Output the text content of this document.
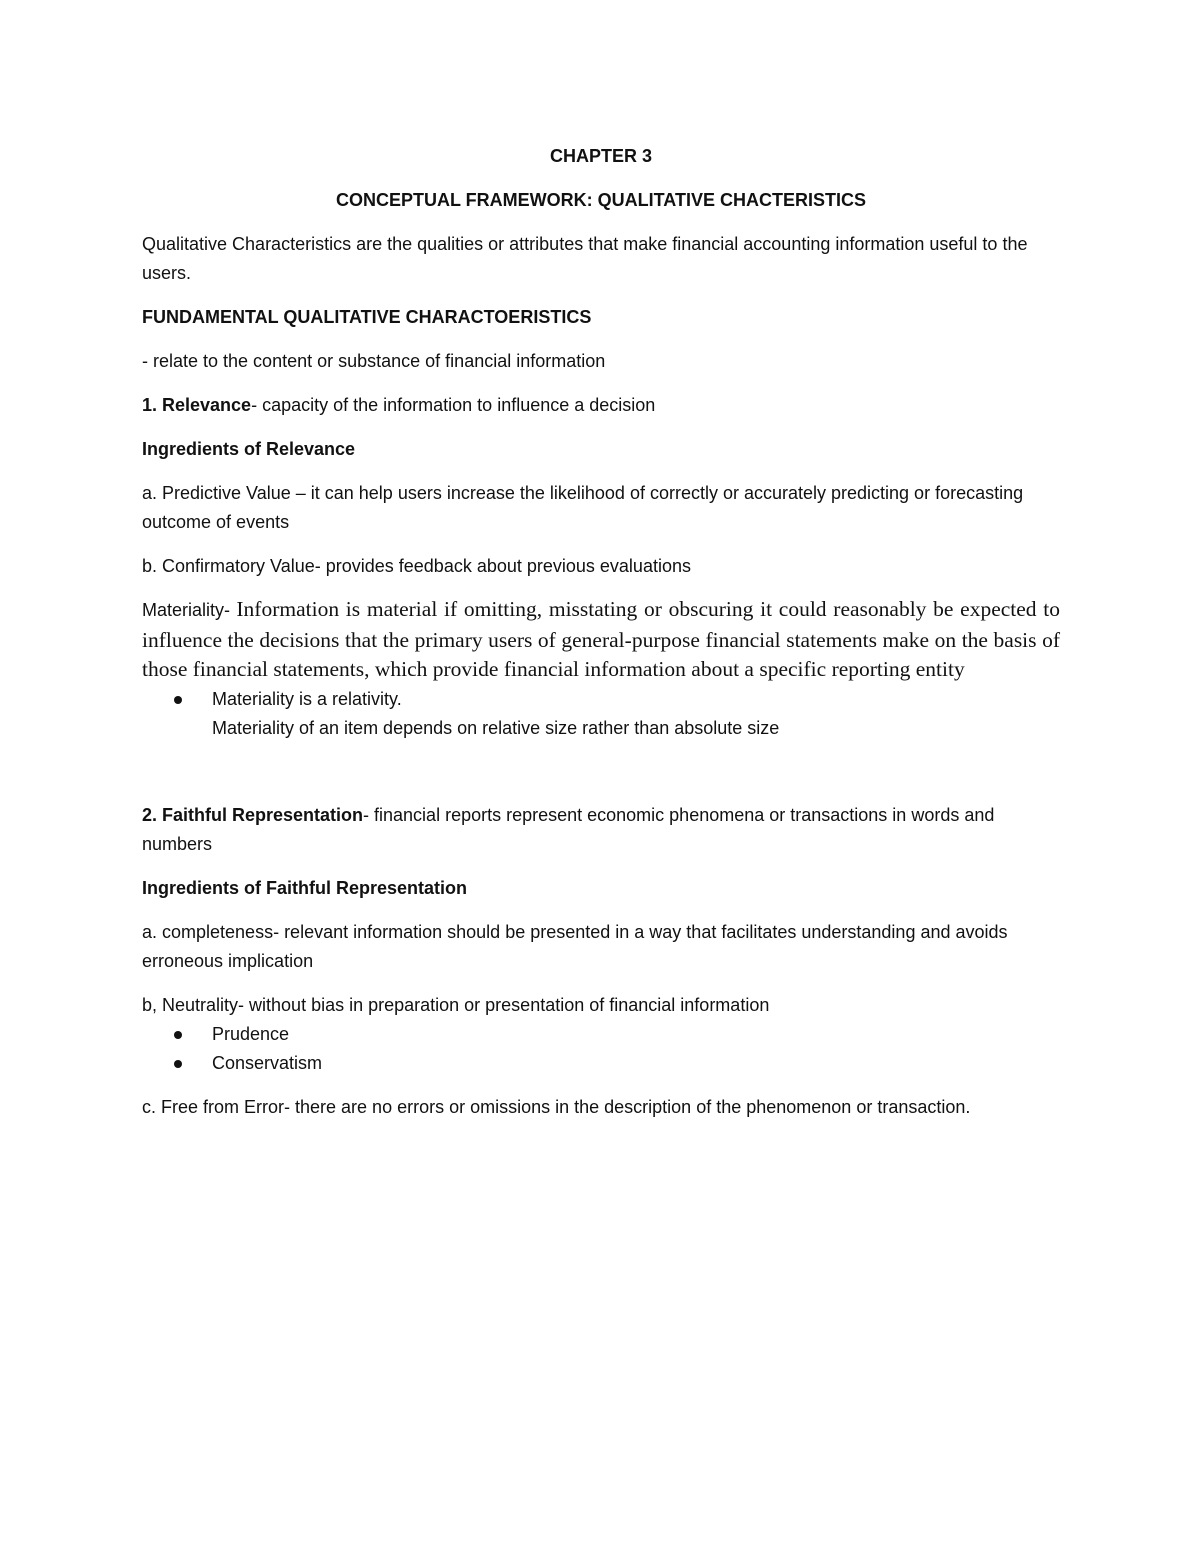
CHAPTER 3

CONCEPTUAL FRAMEWORK: QUALITATIVE CHACTERISTICS

Qualitative Characteristics are the qualities or attributes that make financial accounting information useful to the users.

FUNDAMENTAL QUALITATIVE CHARACTOERISTICS

- relate to the content or substance of financial information

1. Relevance- capacity of the information to influence a decision

Ingredients of Relevance

a. Predictive Value – it can help users increase the likelihood of correctly or accurately predicting or forecasting outcome of events

b. Confirmatory Value- provides feedback about previous evaluations

Materiality- Information is material if omitting, misstating or obscuring it could reasonably be expected to influence the decisions that the primary users of general-purpose financial statements make on the basis of those financial statements, which provide financial information about a specific reporting entity

Materiality is a relativity.
Materiality of an item depends on relative size rather than absolute size

2. Faithful Representation- financial reports represent economic phenomena or transactions in words and numbers

Ingredients of Faithful Representation

a. completeness- relevant information should be presented in a way that facilitates understanding and avoids erroneous implication

b, Neutrality- without bias in preparation or presentation of financial information

Prudence
Conservatism

c. Free from Error- there are no errors or omissions in the description of the phenomenon or transaction.
